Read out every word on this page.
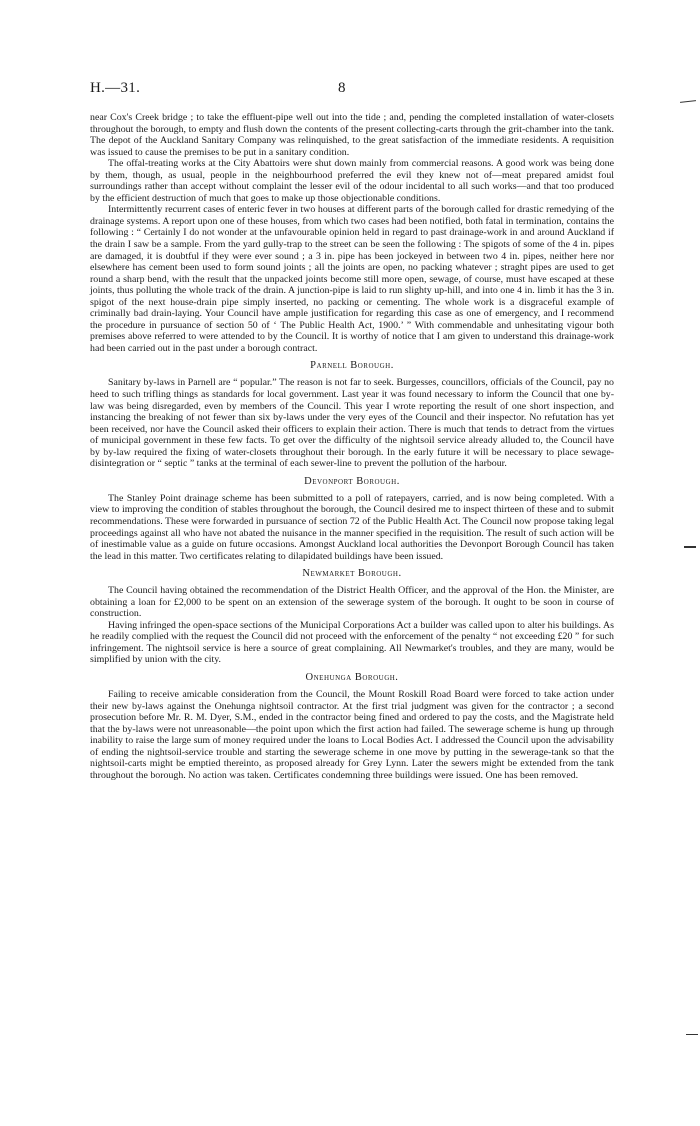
H.—31.	8

near Cox's Creek bridge ; to take the effluent-pipe well out into the tide ; and, pending the completed installation of water-closets throughout the borough, to empty and flush down the contents of the present collecting-carts through the grit-chamber into the tank. The depot of the Auckland Sanitary Company was relinquished, to the great satisfaction of the immediate residents. A requisition was issued to cause the premises to be put in a sanitary condition.

The offal-treating works at the City Abattoirs were shut down mainly from commercial reasons. A good work was being done by them, though, as usual, people in the neighbourhood preferred the evil they knew not of—meat prepared amidst foul surroundings rather than accept without complaint the lesser evil of the odour incidental to all such works—and that too produced by the efficient destruction of much that goes to make up those objectionable conditions.

Intermittently recurrent cases of enteric fever in two houses at different parts of the borough called for drastic remedying of the drainage systems. A report upon one of these houses, from which two cases had been notified, both fatal in termination, contains the following : “ Certainly I do not wonder at the unfavourable opinion held in regard to past drainage-work in and around Auckland if the drain I saw be a sample. From the yard gully-trap to the street can be seen the following : The spigots of some of the 4 in. pipes are damaged, it is doubtful if they were ever sound ; a 3 in. pipe has been jockeyed in between two 4 in. pipes, neither here nor elsewhere has cement been used to form sound joints ; all the joints are open, no packing whatever ; straght pipes are used to get round a sharp bend, with the result that the unpacked joints become still more open, sewage, of course, must have escaped at these joints, thus polluting the whole track of the drain. A junction-pipe is laid to run slighty up-hill, and into one 4 in. limb it has the 3 in. spigot of the next house-drain pipe simply inserted, no packing or cementing. The whole work is a disgraceful example of criminally bad drain-laying. Your Council have ample justification for regarding this case as one of emergency, and I recommend the procedure in pursuance of section 50 of ‘ The Public Health Act, 1900.’ ” With commendable and unhesitating vigour both premises above referred to were attended to by the Council. It is worthy of notice that I am given to understand this drainage-work had been carried out in the past under a borough contract.

Parnell Borough.

Sanitary by-laws in Parnell are “ popular.” The reason is not far to seek. Burgesses, councillors, officials of the Council, pay no heed to such trifling things as standards for local government. Last year it was found necessary to inform the Council that one by-law was being disregarded, even by members of the Council. This year I wrote reporting the result of one short inspection, and instancing the breaking of not fewer than six by-laws under the very eyes of the Council and their inspector. No refutation has yet been received, nor have the Council asked their officers to explain their action. There is much that tends to detract from the virtues of municipal government in these few facts. To get over the difficulty of the nightsoil service already alluded to, the Council have by by-law required the fixing of water-closets throughout their borough. In the early future it will be necessary to place sewage-disintegration or “ septic ” tanks at the terminal of each sewer-line to prevent the pollution of the harbour.

Devonport Borough.

The Stanley Point drainage scheme has been submitted to a poll of ratepayers, carried, and is now being completed. With a view to improving the condition of stables throughout the borough, the Council desired me to inspect thirteen of these and to submit recommendations. These were forwarded in pursuance of section 72 of the Public Health Act. The Council now propose taking legal proceedings against all who have not abated the nuisance in the manner specified in the requisition. The result of such action will be of inestimable value as a guide on future occasions. Amongst Auckland local authorities the Devonport Borough Council has taken the lead in this matter. Two certificates relating to dilapidated buildings have been issued.

Newmarket Borough.

The Council having obtained the recommendation of the District Health Officer, and the approval of the Hon. the Minister, are obtaining a loan for £2,000 to be spent on an extension of the sewerage system of the borough. It ought to be soon in course of construction.

Having infringed the open-space sections of the Municipal Corporations Act a builder was called upon to alter his buildings. As he readily complied with the request the Council did not proceed with the enforcement of the penalty “ not exceeding £20 ” for such infringement. The nightsoil service is here a source of great complaining. All Newmarket's troubles, and they are many, would be simplified by union with the city.

Onehunga Borough.

Failing to receive amicable consideration from the Council, the Mount Roskill Road Board were forced to take action under their new by-laws against the Onehunga nightsoil contractor. At the first trial judgment was given for the contractor ; a second prosecution before Mr. R. M. Dyer, S.M., ended in the contractor being fined and ordered to pay the costs, and the Magistrate held that the by-laws were not unreasonable—the point upon which the first action had failed. The sewerage scheme is hung up through inability to raise the large sum of money required under the loans to Local Bodies Act. I addressed the Council upon the advisability of ending the nightsoil-service trouble and starting the sewerage scheme in one move by putting in the sewerage-tank so that the nightsoil-carts might be emptied thereinto, as proposed already for Grey Lynn. Later the sewers might be extended from the tank throughout the borough. No action was taken. Certificates condemning three buildings were issued. One has been removed.
